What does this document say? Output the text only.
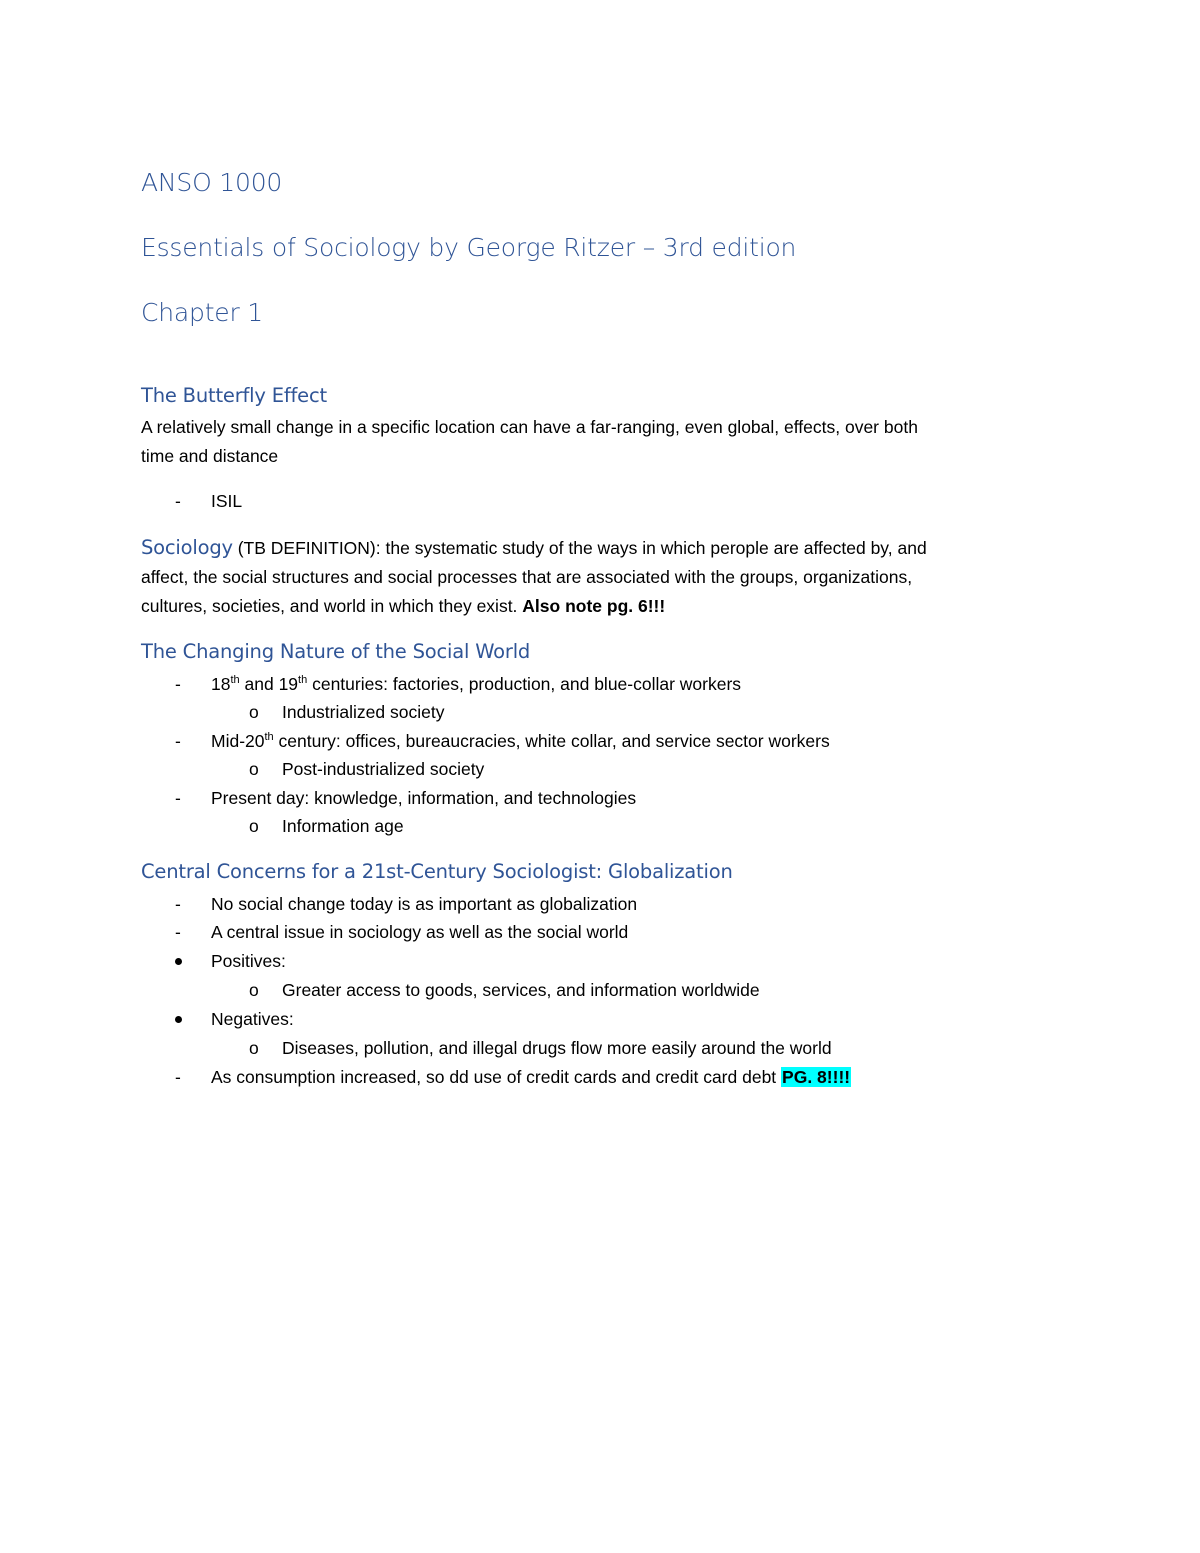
ANSO 1000
Essentials of Sociology by George Ritzer – 3rd edition
Chapter 1
The Butterfly Effect
A relatively small change in a specific location can have a far-ranging, even global, effects, over both
time and distance
- ISIL
Sociology (TB DEFINITION): the systematic study of the ways in which perople are affected by, and
affect, the social structures and social processes that are associated with the groups, organizations,
cultures, societies, and world in which they exist. Also note pg. 6!!!
The Changing Nature of the Social World
- 18th and 19th centuries: factories, production, and blue-collar workers
o Industrialized society
- Mid-20th century: offices, bureaucracies, white collar, and service sector workers
o Post-industrialized society
- Present day: knowledge, information, and technologies
o Information age
Central Concerns for a 21st-Century Sociologist: Globalization
- No social change today is as important as globalization
- A central issue in sociology as well as the social world
Positives:
o Greater access to goods, services, and information worldwide
Negatives:
o Diseases, pollution, and illegal drugs flow more easily around the world
- As consumption increased, so dd use of credit cards and credit card debt PG. 8!!!!
